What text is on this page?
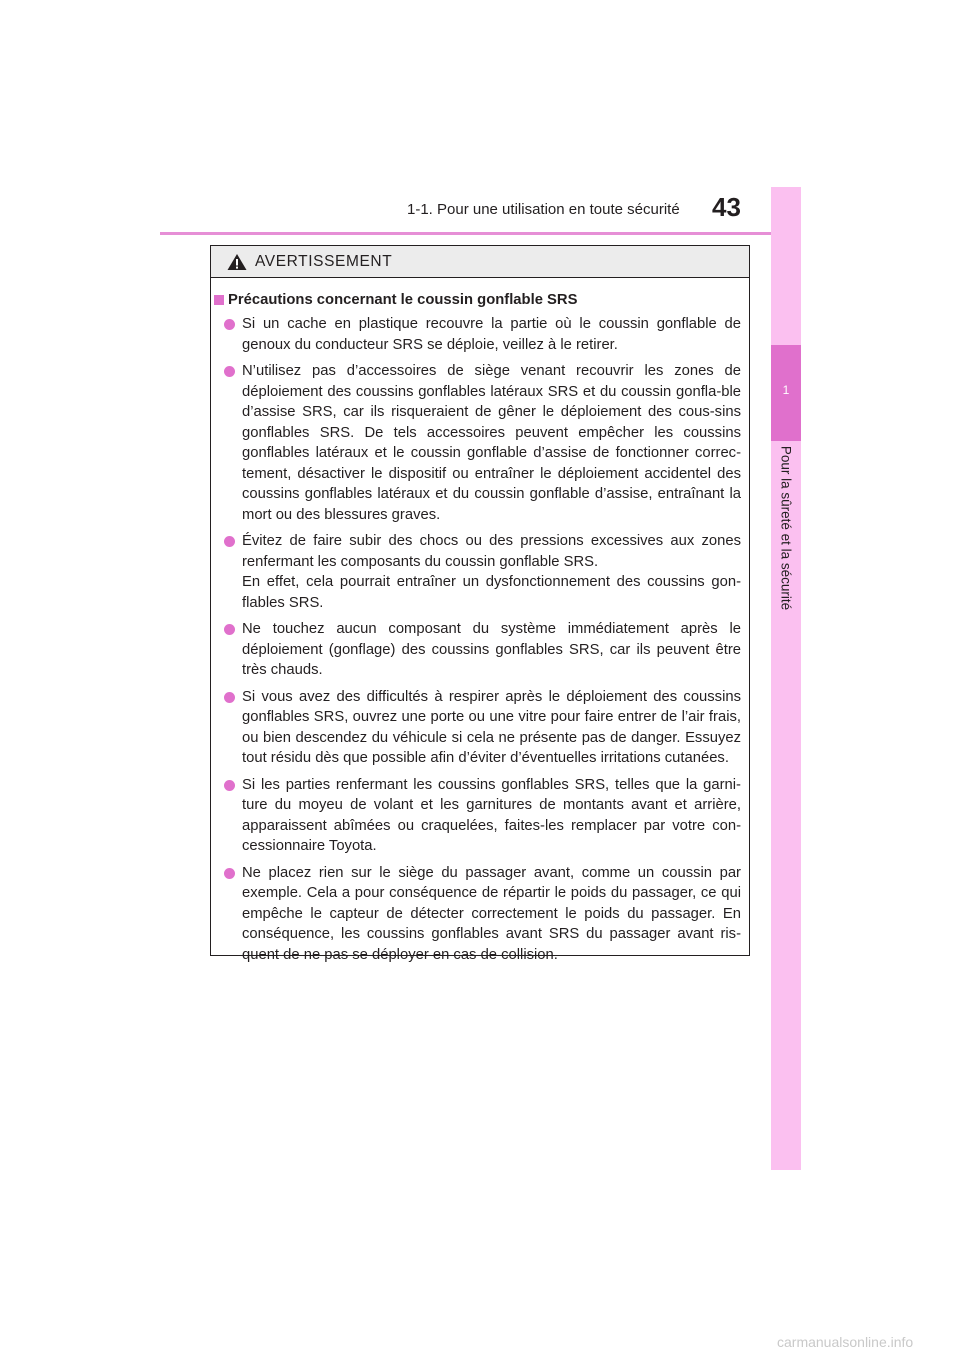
1-1. Pour une utilisation en toute sécurité 43
1
Pour la sûreté et la sécurité
AVERTISSEMENT
Précautions concernant le coussin gonflable SRS

Si un cache en plastique recouvre la partie où le coussin gonflable de genoux du conducteur SRS se déploie, veillez à le retirer.

N’utilisez pas d’accessoires de siège venant recouvrir les zones de déploiement des coussins gonflables latéraux SRS et du coussin gonfla-ble d’assise SRS, car ils risqueraient de gêner le déploiement des cous-sins gonflables SRS. De tels accessoires peuvent empêcher les coussins gonflables latéraux et le coussin gonflable d’assise de fonctionner correc-tement, désactiver le dispositif ou entraîner le déploiement accidentel des coussins gonflables latéraux et du coussin gonflable d’assise, entraînant la mort ou des blessures graves.

Évitez de faire subir des chocs ou des pressions excessives aux zones renfermant les composants du coussin gonflable SRS.

En effet, cela pourrait entraîner un dysfonctionnement des coussins gon-flables SRS.

Ne touchez aucun composant du système immédiatement après le déploiement (gonflage) des coussins gonflables SRS, car ils peuvent être très chauds.

Si vous avez des difficultés à respirer après le déploiement des coussins gonflables SRS, ouvrez une porte ou une vitre pour faire entrer de l’air frais, ou bien descendez du véhicule si cela ne présente pas de danger. Essuyez tout résidu dès que possible afin d’éviter d’éventuelles irritations cutanées.

Si les parties renfermant les coussins gonflables SRS, telles que la garni-ture du moyeu de volant et les garnitures de montants avant et arrière, apparaissent abîmées ou craquelées, faites-les remplacer par votre con-cessionnaire Toyota.

Ne placez rien sur le siège du passager avant, comme un coussin par exemple. Cela a pour conséquence de répartir le poids du passager, ce qui empêche le capteur de détecter correctement le poids du passager. En conséquence, les coussins gonflables avant SRS du passager avant ris-quent de ne pas se déployer en cas de collision.

carmanualsonline.info
